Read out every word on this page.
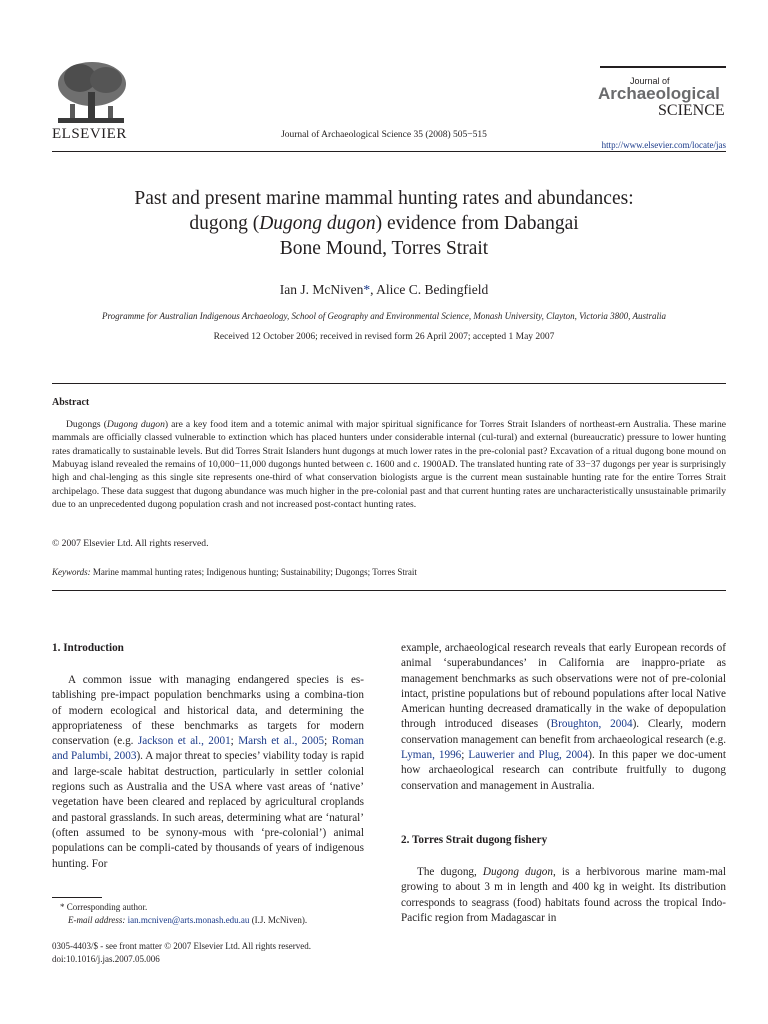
ELSEVIER	Journal of Archaeological Science 35 (2008) 505−515
Journal of
Archaeological
SCIENCE
http://www.elsevier.com/locate/jas
Past and present marine mammal hunting rates and abundances:
dugong (Dugong dugon) evidence from Dabangai
Bone Mound, Torres Strait
Ian J. McNiven*, Alice C. Bedingfield
Programme for Australian Indigenous Archaeology, School of Geography and Environmental Science, Monash University, Clayton, Victoria 3800, Australia
Received 12 October 2006; received in revised form 26 April 2007; accepted 1 May 2007
Abstract
Dugongs (Dugong dugon) are a key food item and a totemic animal with major spiritual significance for Torres Strait Islanders of northeast-ern Australia. These marine mammals are officially classed vulnerable to extinction which has placed hunters under considerable internal (cul-tural) and external (bureaucratic) pressure to lower hunting rates dramatically to sustainable levels. But did Torres Strait Islanders hunt dugongs at much lower rates in the pre-colonial past? Excavation of a ritual dugong bone mound on Mabuyag island revealed the remains of 10,000−11,000 dugongs hunted between c. 1600 and c. 1900AD. The translated hunting rate of 33−37 dugongs per year is surprisingly high and chal-lenging as this single site represents one-third of what conservation biologists argue is the current mean sustainable hunting rate for the entire Torres Strait archipelago. These data suggest that dugong abundance was much higher in the pre-colonial past and that current hunting rates are uncharacteristically unsustainable primarily due to an unprecedented dugong population crash and not increased post-contact hunting rates.
© 2007 Elsevier Ltd. All rights reserved.
Keywords: Marine mammal hunting rates; Indigenous hunting; Sustainability; Dugongs; Torres Strait
1. Introduction

A common issue with managing endangered species is es-tablishing pre-impact population benchmarks using a combina-tion of modern ecological and historical data, and determining the appropriateness of these benchmarks as targets for modern conservation (e.g. Jackson et al., 2001; Marsh et al., 2005; Roman and Palumbi, 2003). A major threat to species’ viability today is rapid and large-scale habitat destruction, particularly in settler colonial regions such as Australia and the USA where vast areas of ‘native’ vegetation have been cleared and replaced by agricultural croplands and pastoral grasslands. In such areas, determining what are ‘natural’ (often assumed to be synony-mous with ‘pre-colonial’) animal populations can be compli-cated by thousands of years of indigenous hunting. For

example, archaeological research reveals that early European records of animal ‘superabundances’ in California are inappro-priate as management benchmarks as such observations were not of pre-colonial intact, pristine populations but of rebound populations after local Native American hunting decreased dramatically in the wake of depopulation through introduced diseases (Broughton, 2004). Clearly, modern conservation management can benefit from archaeological research (e.g. Lyman, 1996; Lauwerier and Plug, 2004). In this paper we doc-ument how archaeological research can contribute fruitfully to dugong conservation and management in Australia.

2. Torres Strait dugong fishery

The dugong, Dugong dugon, is a herbivorous marine mam-mal growing to about 3 m in length and 400 kg in weight. Its distribution corresponds to seagrass (food) habitats found across the tropical Indo-Pacific region from Madagascar in

* Corresponding author.
E-mail address: ian.mcniven@arts.monash.edu.au (I.J. McNiven).
0305-4403/$ - see front matter © 2007 Elsevier Ltd. All rights reserved.
doi:10.1016/j.jas.2007.05.006
